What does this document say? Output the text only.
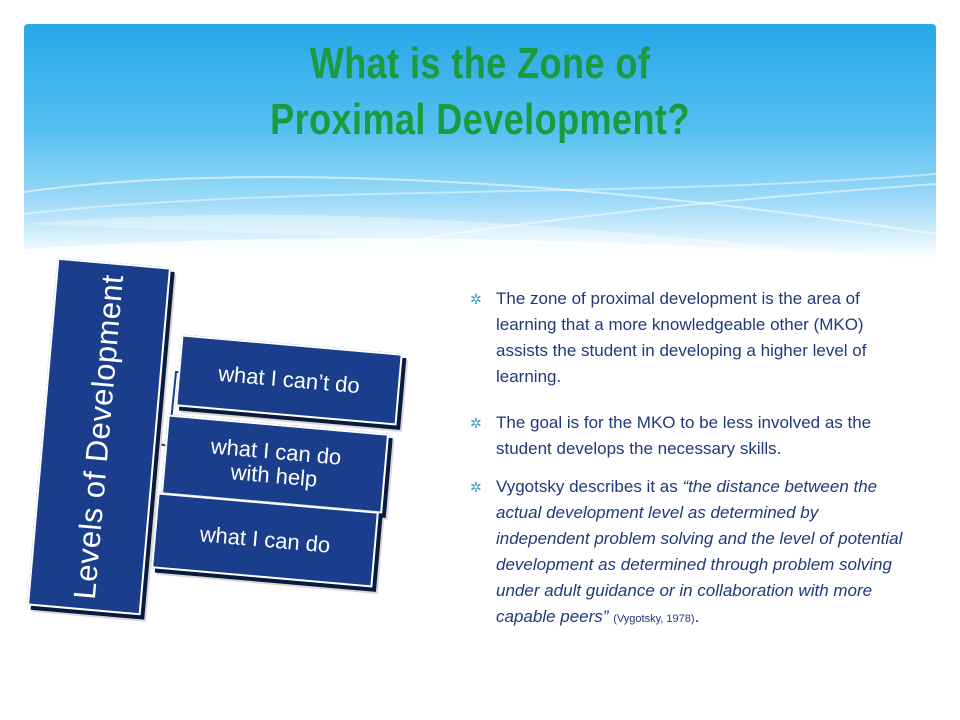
What is the Zone of
Proximal Development?
Levels of Development	what I can’t do
what I can do with help
what I can do
✲ The zone of proximal development is the area of learning that a more knowledgeable other (MKO) assists the student in developing a higher level of learning.
✲ The goal is for the MKO to be less involved as the student develops the necessary skills.
✲ Vygotsky describes it as “the distance between the actual development level as determined by independent problem solving and the level of potential development as determined through problem solving under adult guidance or in collaboration with more capable peers” (Vygotsky, 1978).
